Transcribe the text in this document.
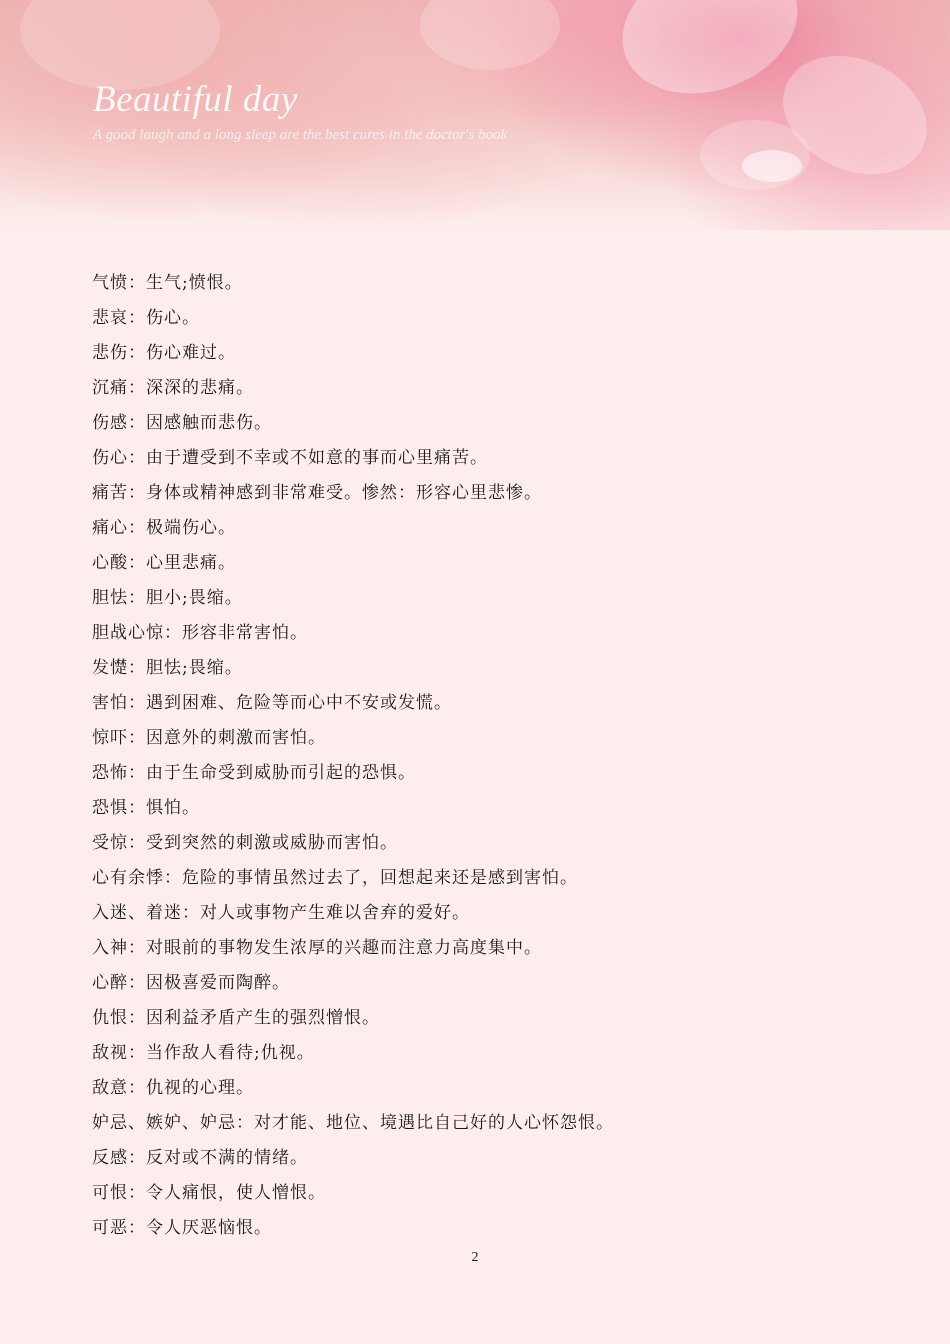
Beautiful day
A good laugh and a long sleep are the best cures in the doctor's book
气愤：生气;愤恨。
悲哀：伤心。
悲伤：伤心难过。
沉痛：深深的悲痛。
伤感：因感触而悲伤。
伤心：由于遭受到不幸或不如意的事而心里痛苦。
痛苦：身体或精神感到非常难受。惨然：形容心里悲惨。
痛心：极端伤心。
心酸：心里悲痛。
胆怯：胆小;畏缩。
胆战心惊：形容非常害怕。
发憷：胆怯;畏缩。
害怕：遇到困难、危险等而心中不安或发慌。
惊吓：因意外的刺激而害怕。
恐怖：由于生命受到威胁而引起的恐惧。
恐惧：惧怕。
受惊：受到突然的刺激或威胁而害怕。
心有余悸：危险的事情虽然过去了，回想起来还是感到害怕。
入迷、着迷：对人或事物产生难以舍弃的爱好。
入神：对眼前的事物发生浓厚的兴趣而注意力高度集中。
心醉：因极喜爱而陶醉。
仇恨：因利益矛盾产生的强烈憎恨。
敌视：当作敌人看待;仇视。
敌意：仇视的心理。
妒忌、嫉妒、妒忌：对才能、地位、境遇比自己好的人心怀怨恨。
反感：反对或不满的情绪。
可恨：令人痛恨，使人憎恨。
可恶：令人厌恶恼恨。
2
